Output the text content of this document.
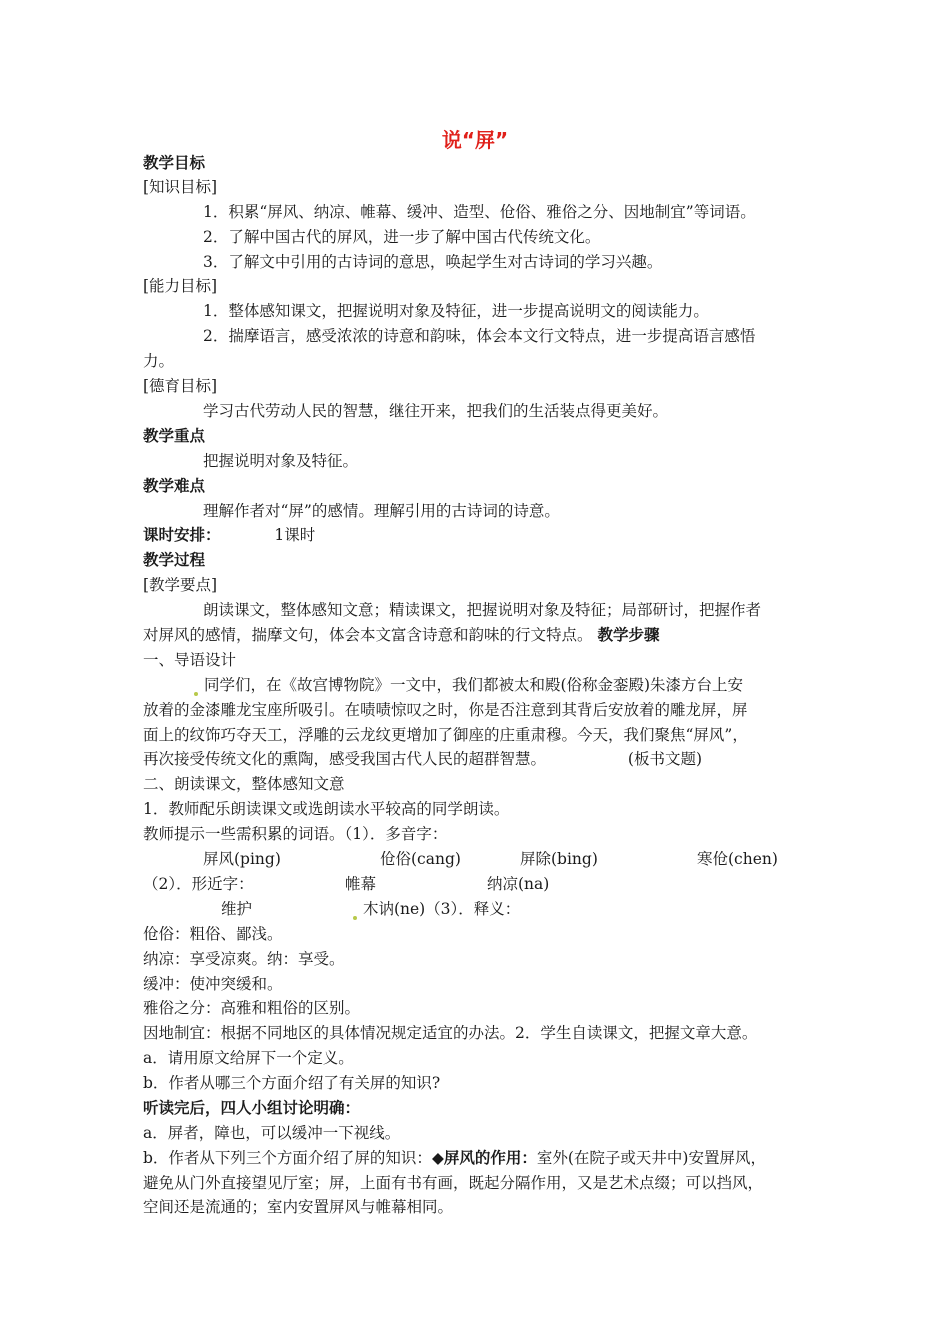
说“屏”
教学目标
[知识目标]
1．积累“屏风、纳凉、帷幕、缓冲、造型、伧俗、雅俗之分、因地制宜”等词语。
2．了解中国古代的屏风，进一步了解中国古代传统文化。
3．了解文中引用的古诗词的意思，唤起学生对古诗词的学习兴趣。
[能力目标]
1．整体感知课文，把握说明对象及特征，进一步提高说明文的阅读能力。
2．揣摩语言，感受浓浓的诗意和韵味，体会本文行文特点，进一步提高语言感悟
力。
[德育目标]
学习古代劳动人民的智慧，继往开来，把我们的生活装点得更美好。
教学重点
把握说明对象及特征。
教学难点
理解作者对“屏”的感情。理解引用的古诗词的诗意。
课时安排：	1课时
教学过程
[教学要点]
朗读课文，整体感知文意；精读课文，把握说明对象及特征；局部研讨，把握作者
对屏风的感情，揣摩文句，体会本文富含诗意和韵味的行文特点。 教学步骤
一、导语设计
同学们，在《故宫博物院》一文中，我们都被太和殿(俗称金銮殿)朱漆方台上安
放着的金漆雕龙宝座所吸引。在啧啧惊叹之时，你是否注意到其背后安放着的雕龙屏，屏
面上的纹饰巧夺天工，浮雕的云龙纹更增加了御座的庄重肃穆。今天，我们聚焦“屏风”，
再次接受传统文化的熏陶，感受我国古代人民的超群智慧。	(板书文题)
二、朗读课文，整体感知文意
1．教师配乐朗读课文或选朗读水平较高的同学朗读。
教师提示一些需积累的词语。（1）．多音字：
屏风(ping)	伧俗(cang)	屏除(bing)	寒伧(chen)
（2）．形近字：	帷幕	纳凉(na)
维护	木讷(ne)（3）．释义：
伧俗：粗俗、鄙浅。
纳凉：享受凉爽。纳：享受。
缓冲：使冲突缓和。
雅俗之分：高雅和粗俗的区别。
因地制宜：根据不同地区的具体情况规定适宜的办法。2．学生自读课文，把握文章大意。
a．请用原文给屏下一个定义。
b．作者从哪三个方面介绍了有关屏的知识?
听读完后，四人小组讨论明确：
a．屏者，障也，可以缓冲一下视线。
b．作者从下列三个方面介绍了屏的知识：◆屏风的作用：室外(在院子或天井中)安置屏风，
避免从门外直接望见厅室；屏，上面有书有画，既起分隔作用，又是艺术点缀；可以挡风，
空间还是流通的；室内安置屏风与帷幕相同。
